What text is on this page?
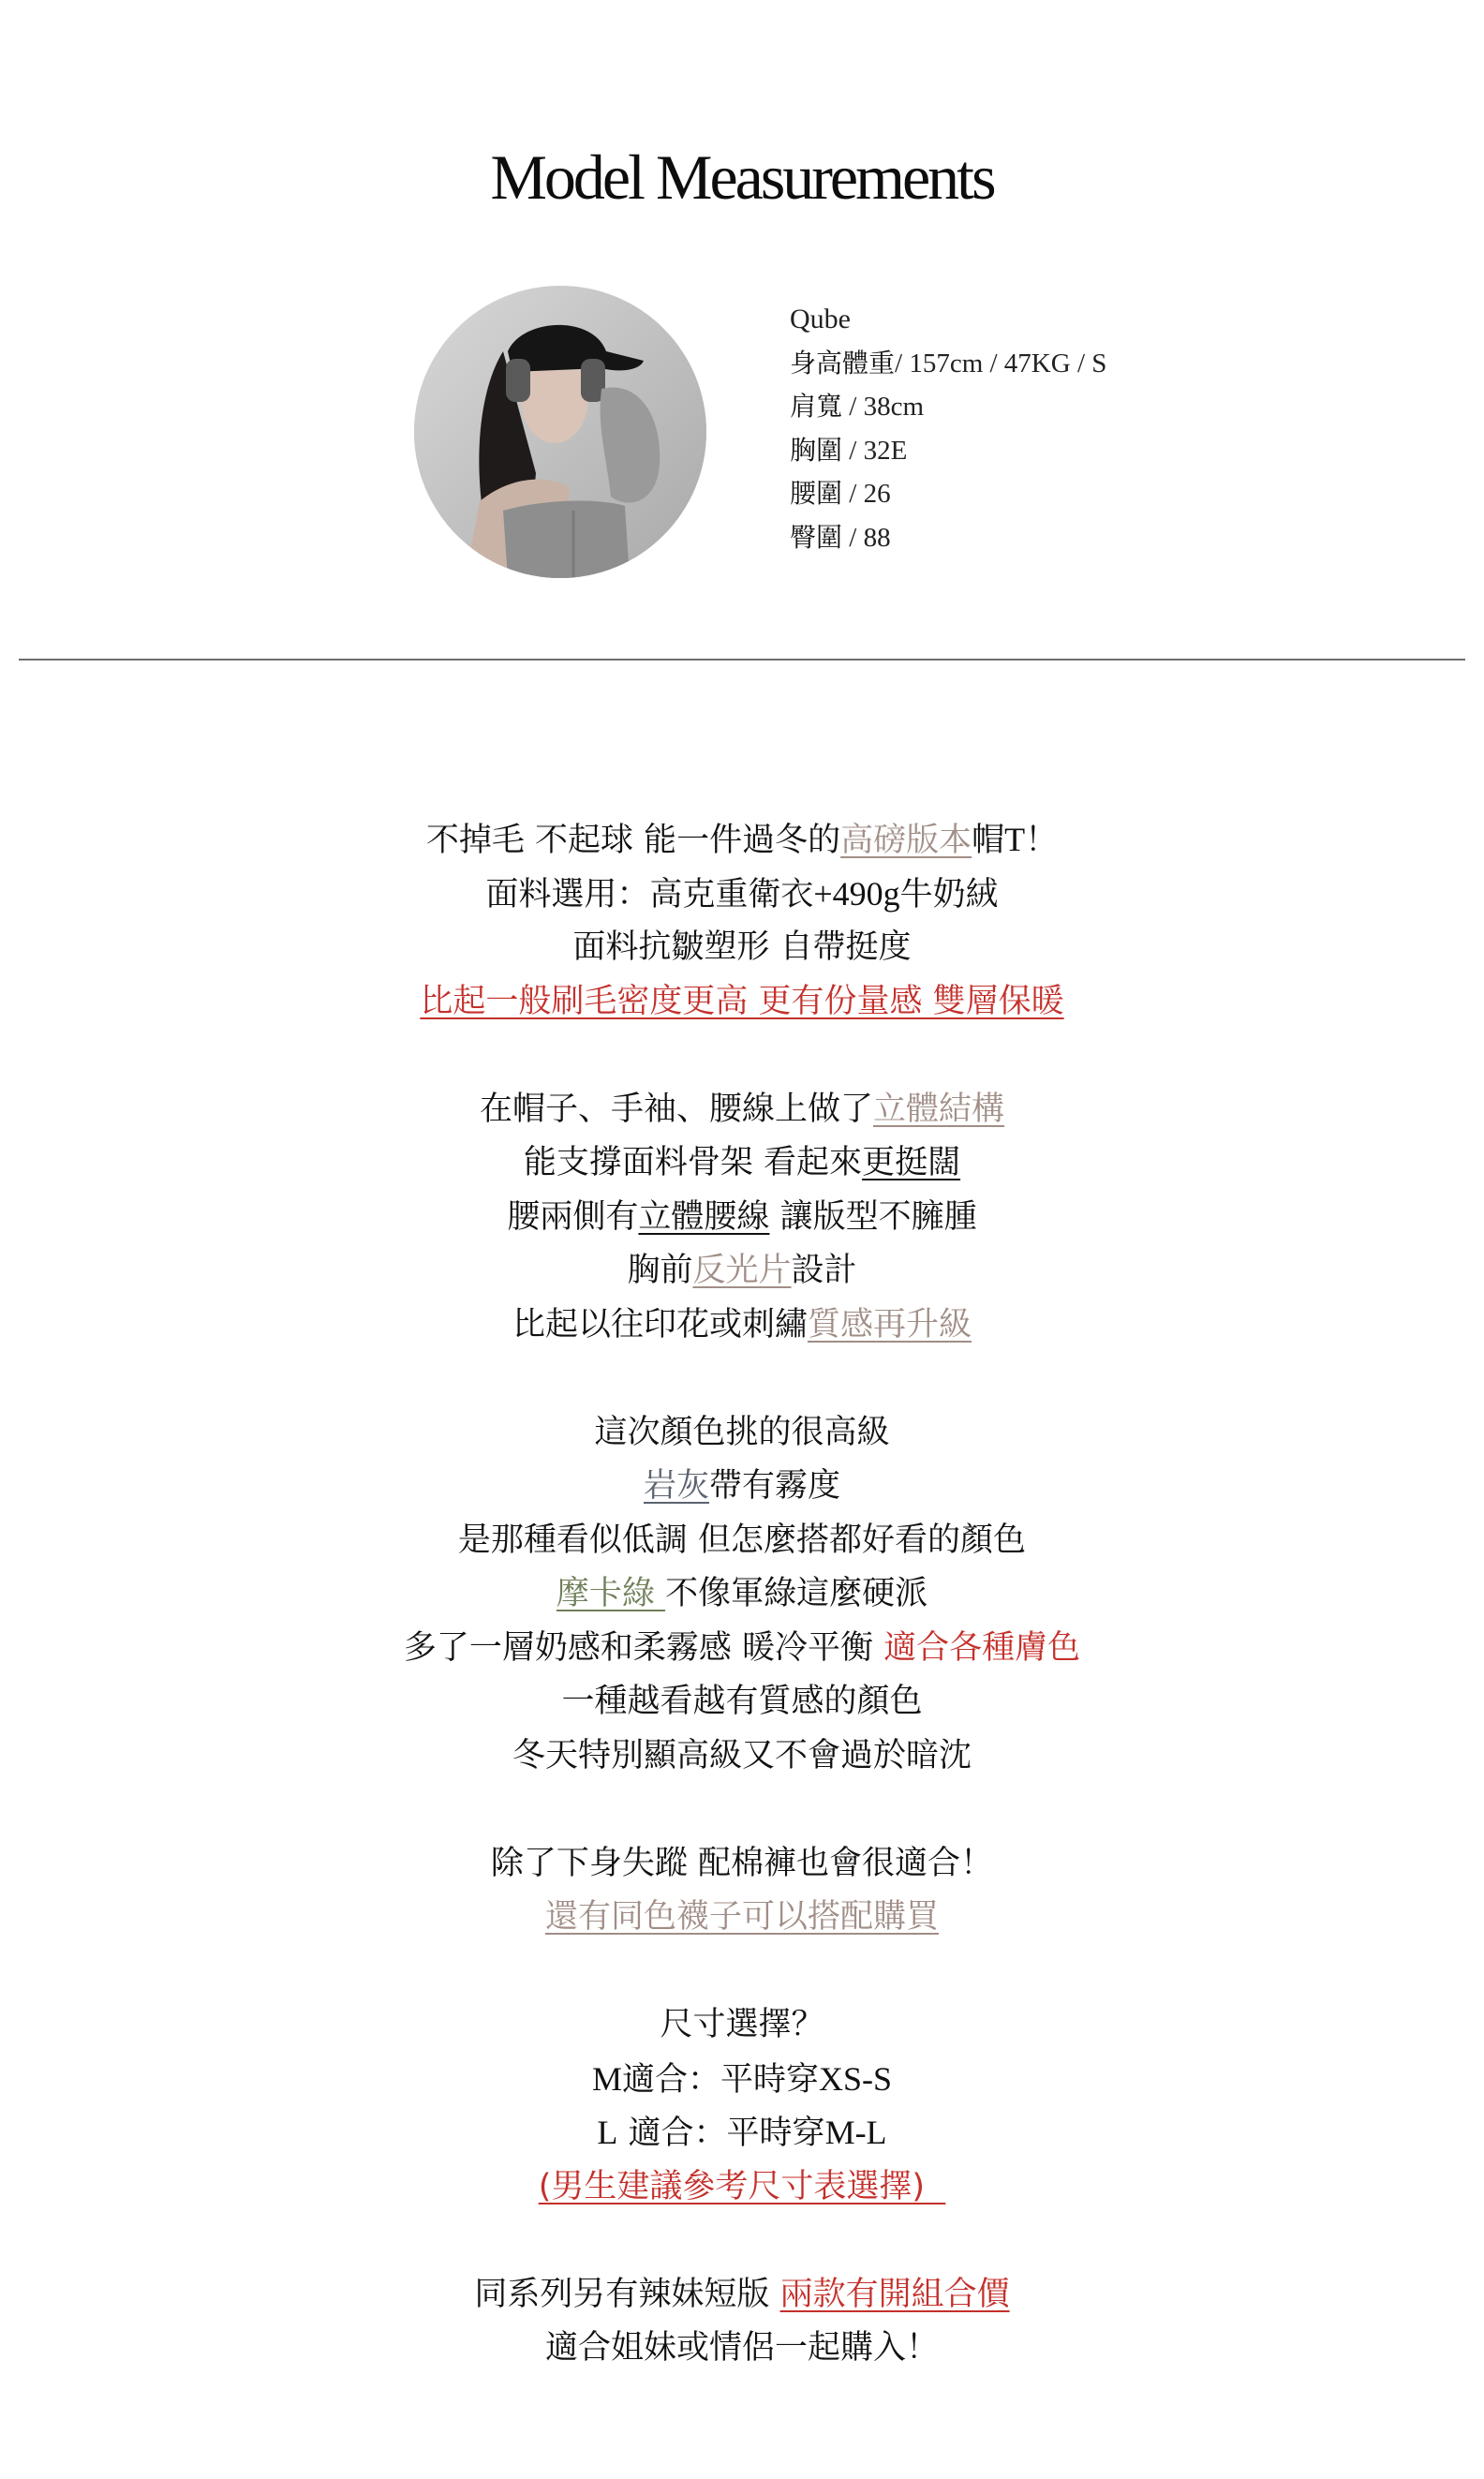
Model Measurements
Qube
身高體重/ 157cm / 47KG / S
肩寬 / 38cm
胸圍 / 32E
腰圍 / 26
臀圍 / 88
不掉毛 不起球 能一件過冬的高磅版本帽T！
面料選用：高克重衛衣+490g牛奶絨
面料抗皺塑形 自帶挺度
比起一般刷毛密度更高 更有份量感 雙層保暖
在帽子、手袖、腰線上做了立體結構
能支撐面料骨架 看起來更挺闊
腰兩側有立體腰線 讓版型不臃腫
胸前反光片設計
比起以往印花或刺繡質感再升級
這次顏色挑的很高級
岩灰帶有霧度
是那種看似低調 但怎麼搭都好看的顏色
摩卡綠 不像軍綠這麼硬派
多了一層奶感和柔霧感 暖冷平衡 適合各種膚色
一種越看越有質感的顏色
冬天特別顯高級又不會過於暗沈
除了下身失蹤 配棉褲也會很適合！
還有同色襪子可以搭配購買
尺寸選擇？
M適合：平時穿XS-S
L 適合：平時穿M-L
(男生建議參考尺寸表選擇)
同系列另有辣妹短版 兩款有開組合價
適合姐妹或情侶一起購入！
